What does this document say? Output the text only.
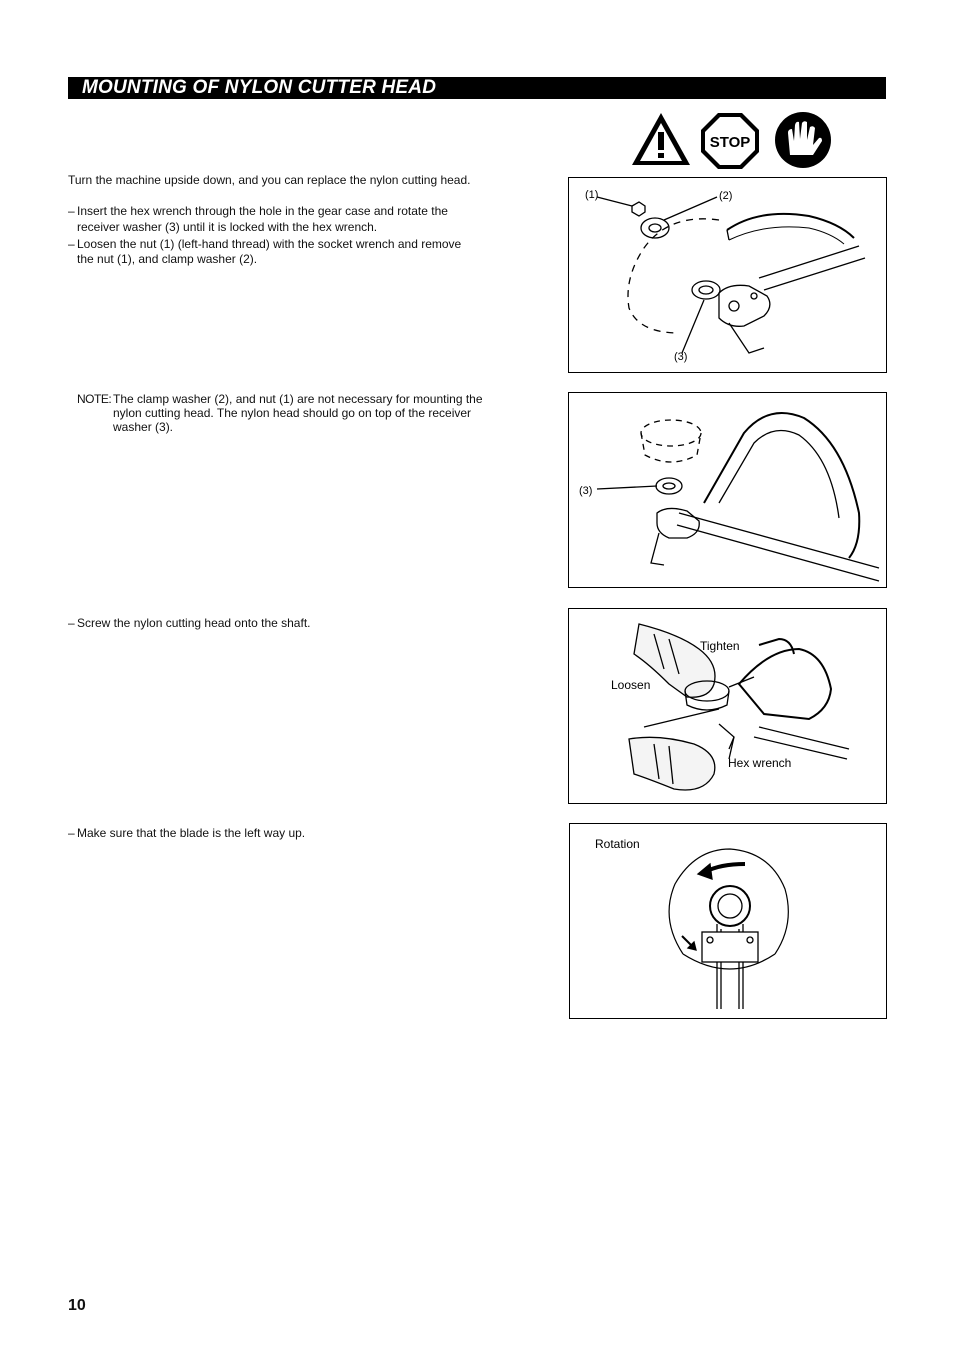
MOUNTING OF NYLON CUTTER HEAD
STOP
Turn the machine upside down, and you can replace the nylon cutting head.
– Insert the hex wrench through the hole in the gear case and rotate the
receiver washer (3) until it is locked with the hex wrench.
– Loosen the nut (1) (left-hand thread) with the socket wrench and remove
the nut (1), and clamp washer (2).
NOTE: The clamp washer (2), and nut (1) are not necessary for mounting the
nylon cutting head. The nylon head should go on top of the receiver
washer (3).
– Screw the nylon cutting head onto the shaft.
– Make sure that the blade is the left way up.
(1)	(2)
(3)
(3)
Tighten
Loosen
Hex wrench
Rotation
10
